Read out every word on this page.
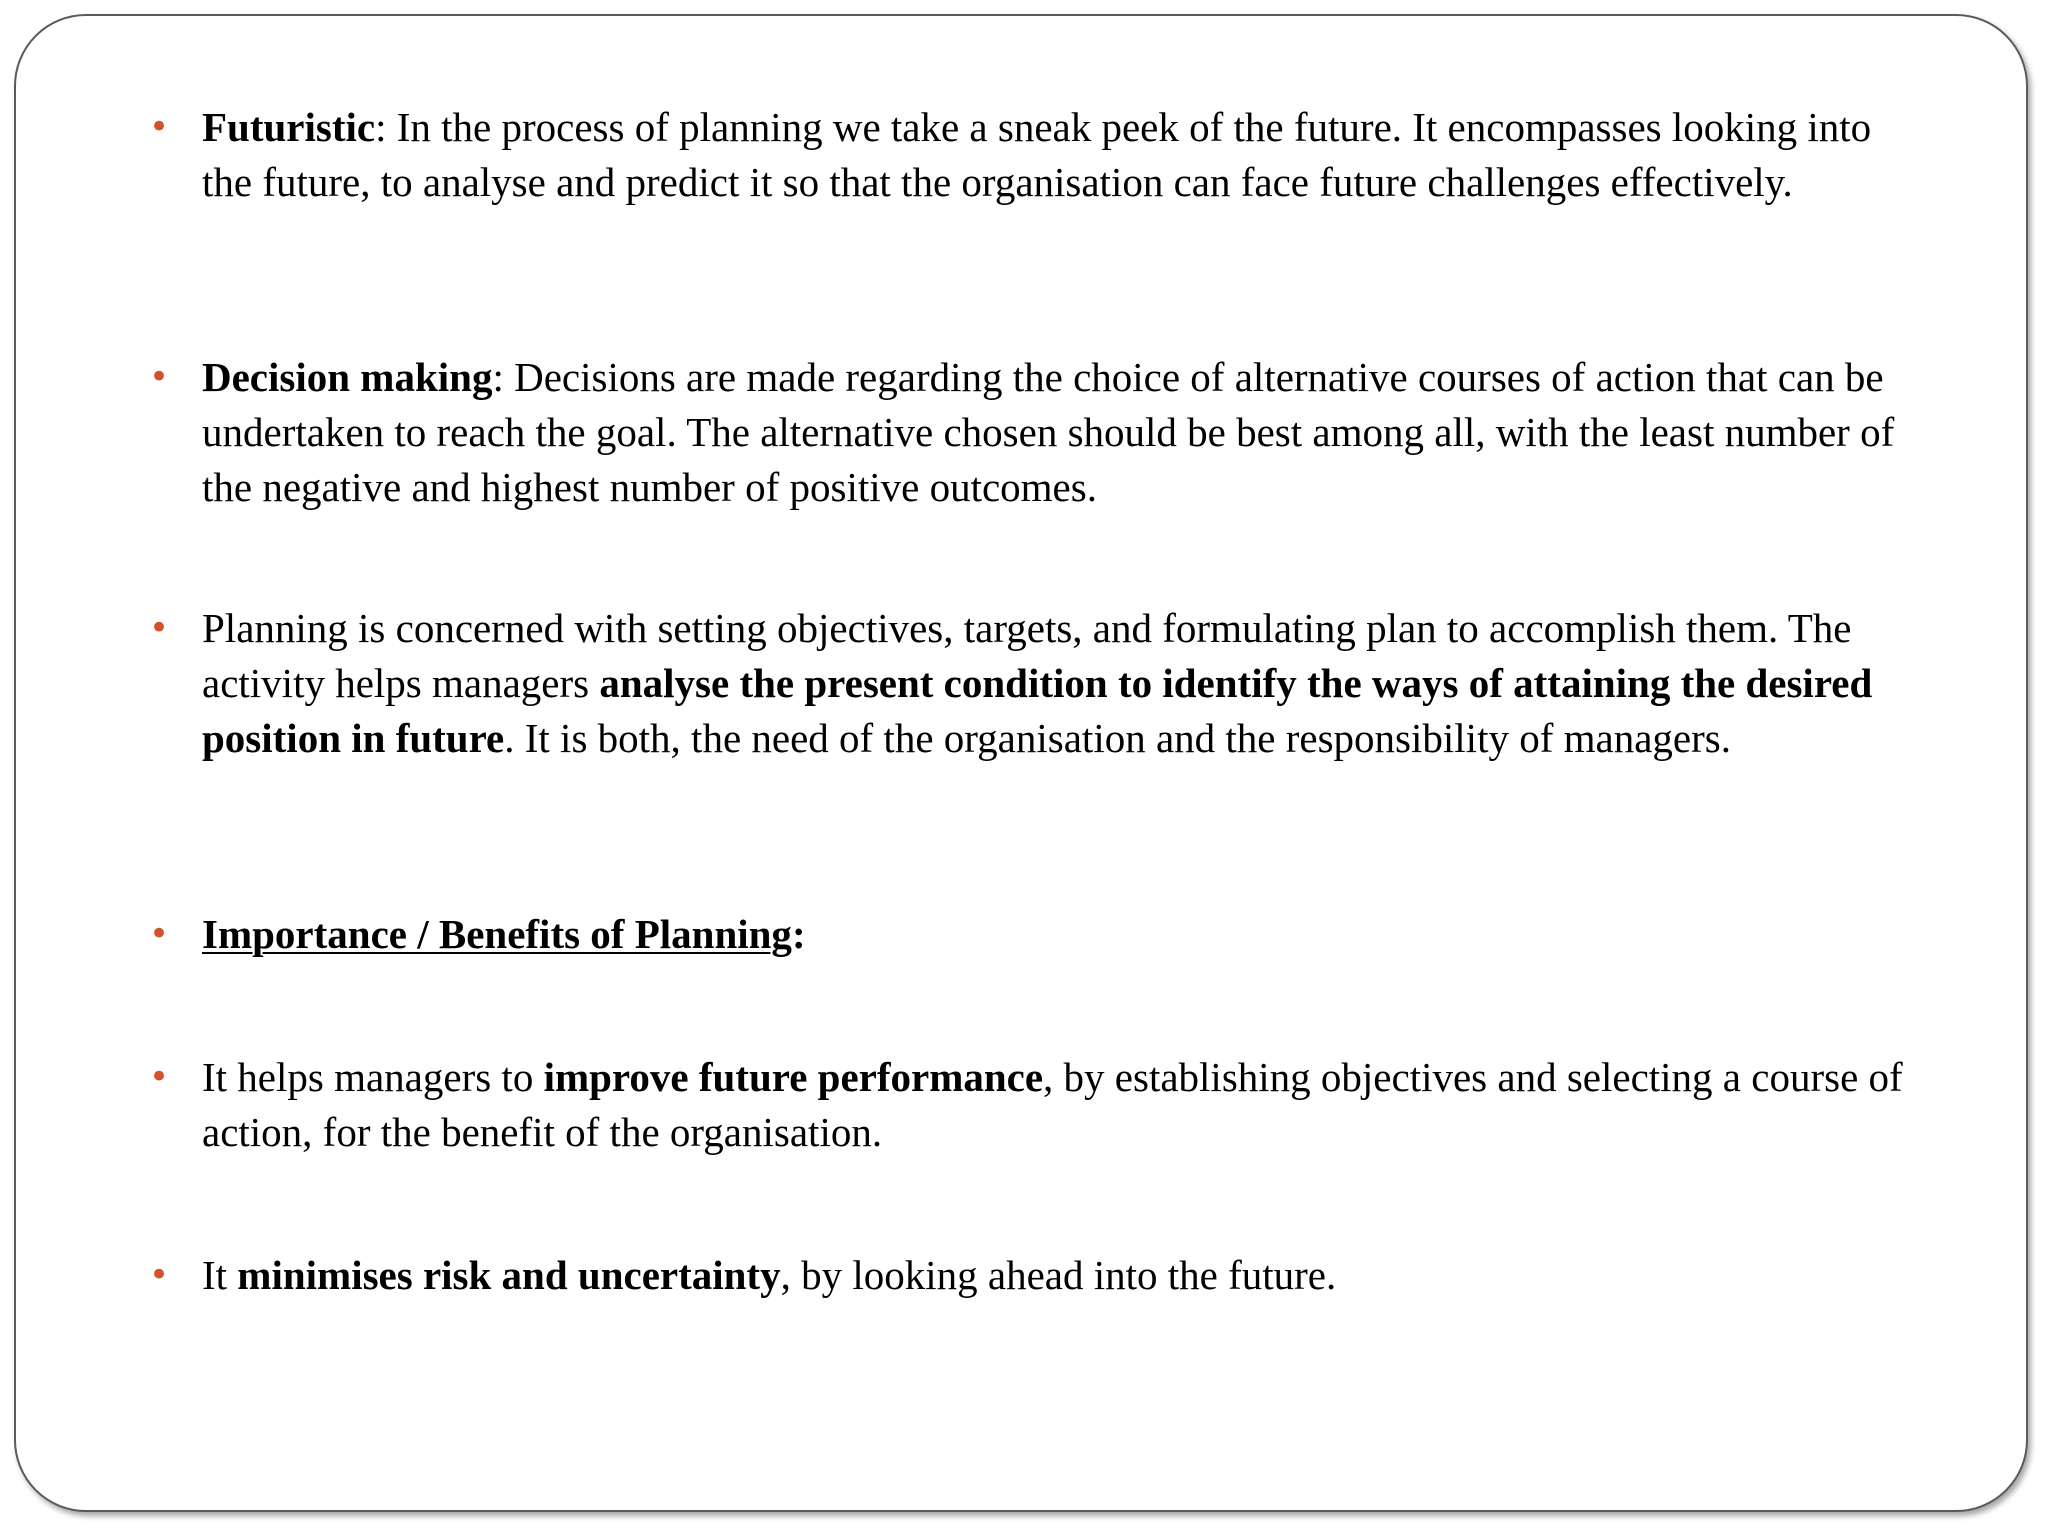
• Futuristic: In the process of planning we take a sneak peek of the future. It encompasses looking into the future, to analyse and predict it so that the organisation can face future challenges effectively.
• Decision making: Decisions are made regarding the choice of alternative courses of action that can be undertaken to reach the goal. The alternative chosen should be best among all, with the least number of the negative and highest number of positive outcomes.
• Planning is concerned with setting objectives, targets, and formulating plan to accomplish them. The activity helps managers analyse the present condition to identify the ways of attaining the desired position in future. It is both, the need of the organisation and the responsibility of managers.
• Importance / Benefits of Planning:
• It helps managers to improve future performance, by establishing objectives and selecting a course of action, for the benefit of the organisation.
• It minimises risk and uncertainty, by looking ahead into the future.
